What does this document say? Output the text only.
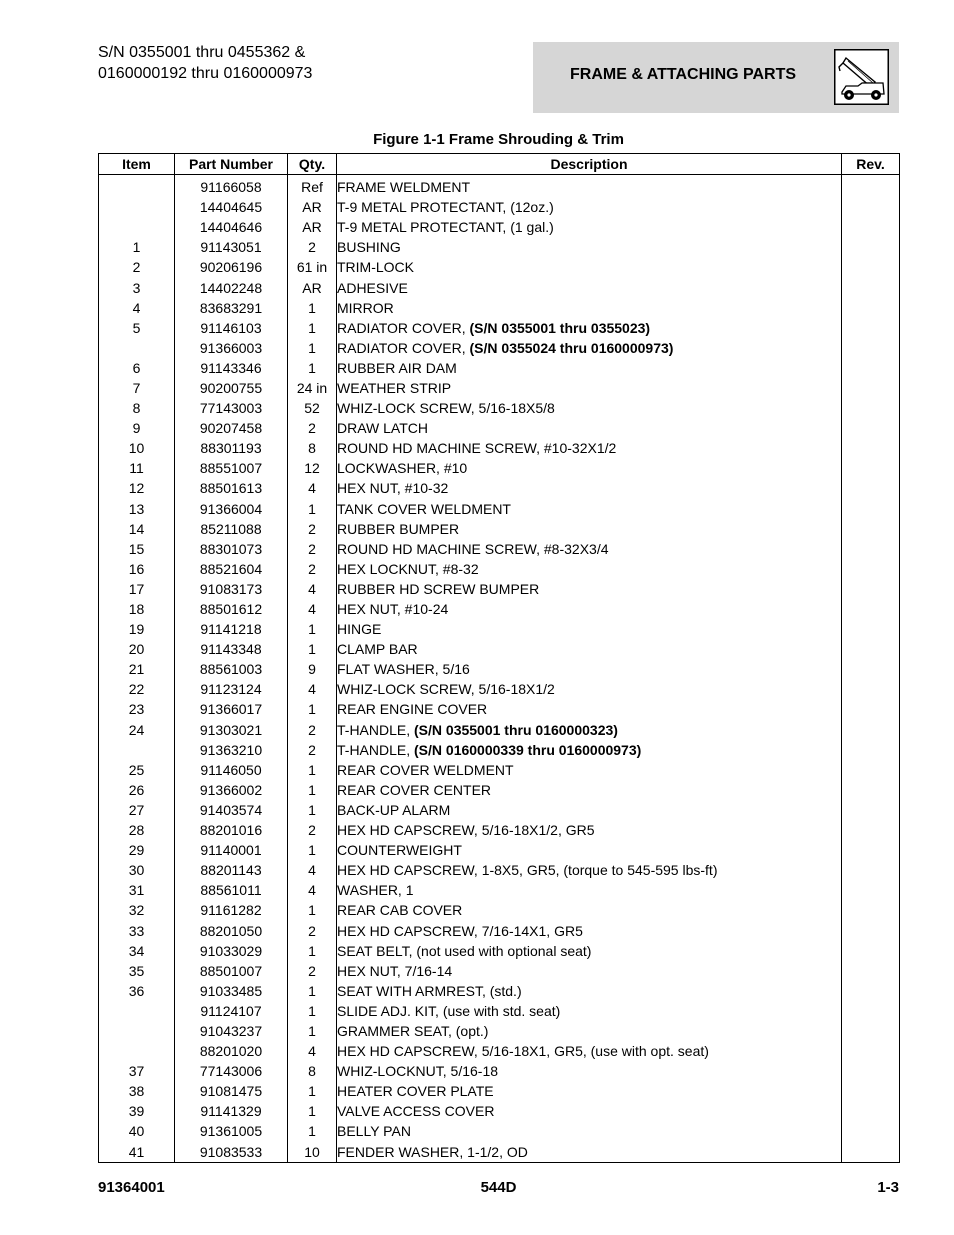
S/N 0355001 thru 0455362 &
0160000192 thru 0160000973	FRAME & ATTACHING PARTS
Figure 1-1 Frame Shrouding & Trim
Item	Part Number	Qty.	Description	Rev.
	91166058	Ref	FRAME WELDMENT	
	14404645	AR	T-9 METAL PROTECTANT, (12oz.)	
	14404646	AR	T-9 METAL PROTECTANT, (1 gal.)	
1	91143051	2	BUSHING	
2	90206196	61 in	TRIM-LOCK	
3	14402248	AR	ADHESIVE	
4	83683291	1	MIRROR	
5	91146103	1	RADIATOR COVER, (S/N 0355001 thru 0355023)	
	91366003	1	RADIATOR COVER, (S/N 0355024 thru 0160000973)	
6	91143346	1	RUBBER AIR DAM	
7	90200755	24 in	WEATHER STRIP	
8	77143003	52	WHIZ-LOCK SCREW, 5/16-18X5/8	
9	90207458	2	DRAW LATCH	
10	88301193	8	ROUND HD MACHINE SCREW, #10-32X1/2	
11	88551007	12	LOCKWASHER, #10	
12	88501613	4	HEX NUT, #10-32	
13	91366004	1	TANK COVER WELDMENT	
14	85211088	2	RUBBER BUMPER	
15	88301073	2	ROUND HD MACHINE SCREW, #8-32X3/4	
16	88521604	2	HEX LOCKNUT, #8-32	
17	91083173	4	RUBBER HD SCREW BUMPER	
18	88501612	4	HEX NUT, #10-24	
19	91141218	1	HINGE	
20	91143348	1	CLAMP BAR	
21	88561003	9	FLAT WASHER, 5/16	
22	91123124	4	WHIZ-LOCK SCREW, 5/16-18X1/2	
23	91366017	1	REAR ENGINE COVER	
24	91303021	2	T-HANDLE, (S/N 0355001 thru 0160000323)	
	91363210	2	T-HANDLE, (S/N 0160000339 thru 0160000973)	
25	91146050	1	REAR COVER WELDMENT	
26	91366002	1	REAR COVER CENTER	
27	91403574	1	BACK-UP ALARM	
28	88201016	2	HEX HD CAPSCREW, 5/16-18X1/2, GR5	
29	91140001	1	COUNTERWEIGHT	
30	88201143	4	HEX HD CAPSCREW, 1-8X5, GR5, (torque to 545-595 lbs-ft)	
31	88561011	4	WASHER, 1	
32	91161282	1	REAR CAB COVER	
33	88201050	2	HEX HD CAPSCREW, 7/16-14X1, GR5	
34	91033029	1	SEAT BELT, (not used with optional seat)	
35	88501007	2	HEX NUT, 7/16-14	
36	91033485	1	SEAT WITH ARMREST, (std.)	
	91124107	1	SLIDE ADJ. KIT, (use with std. seat)	
	91043237	1	GRAMMER SEAT, (opt.)	
	88201020	4	HEX HD CAPSCREW, 5/16-18X1, GR5, (use with opt. seat)	
37	77143006	8	WHIZ-LOCKNUT, 5/16-18	
38	91081475	1	HEATER COVER PLATE	
39	91141329	1	VALVE ACCESS COVER	
40	91361005	1	BELLY PAN	
41	91083533	10	FENDER WASHER, 1-1/2, OD	
91364001	544D	1-3
